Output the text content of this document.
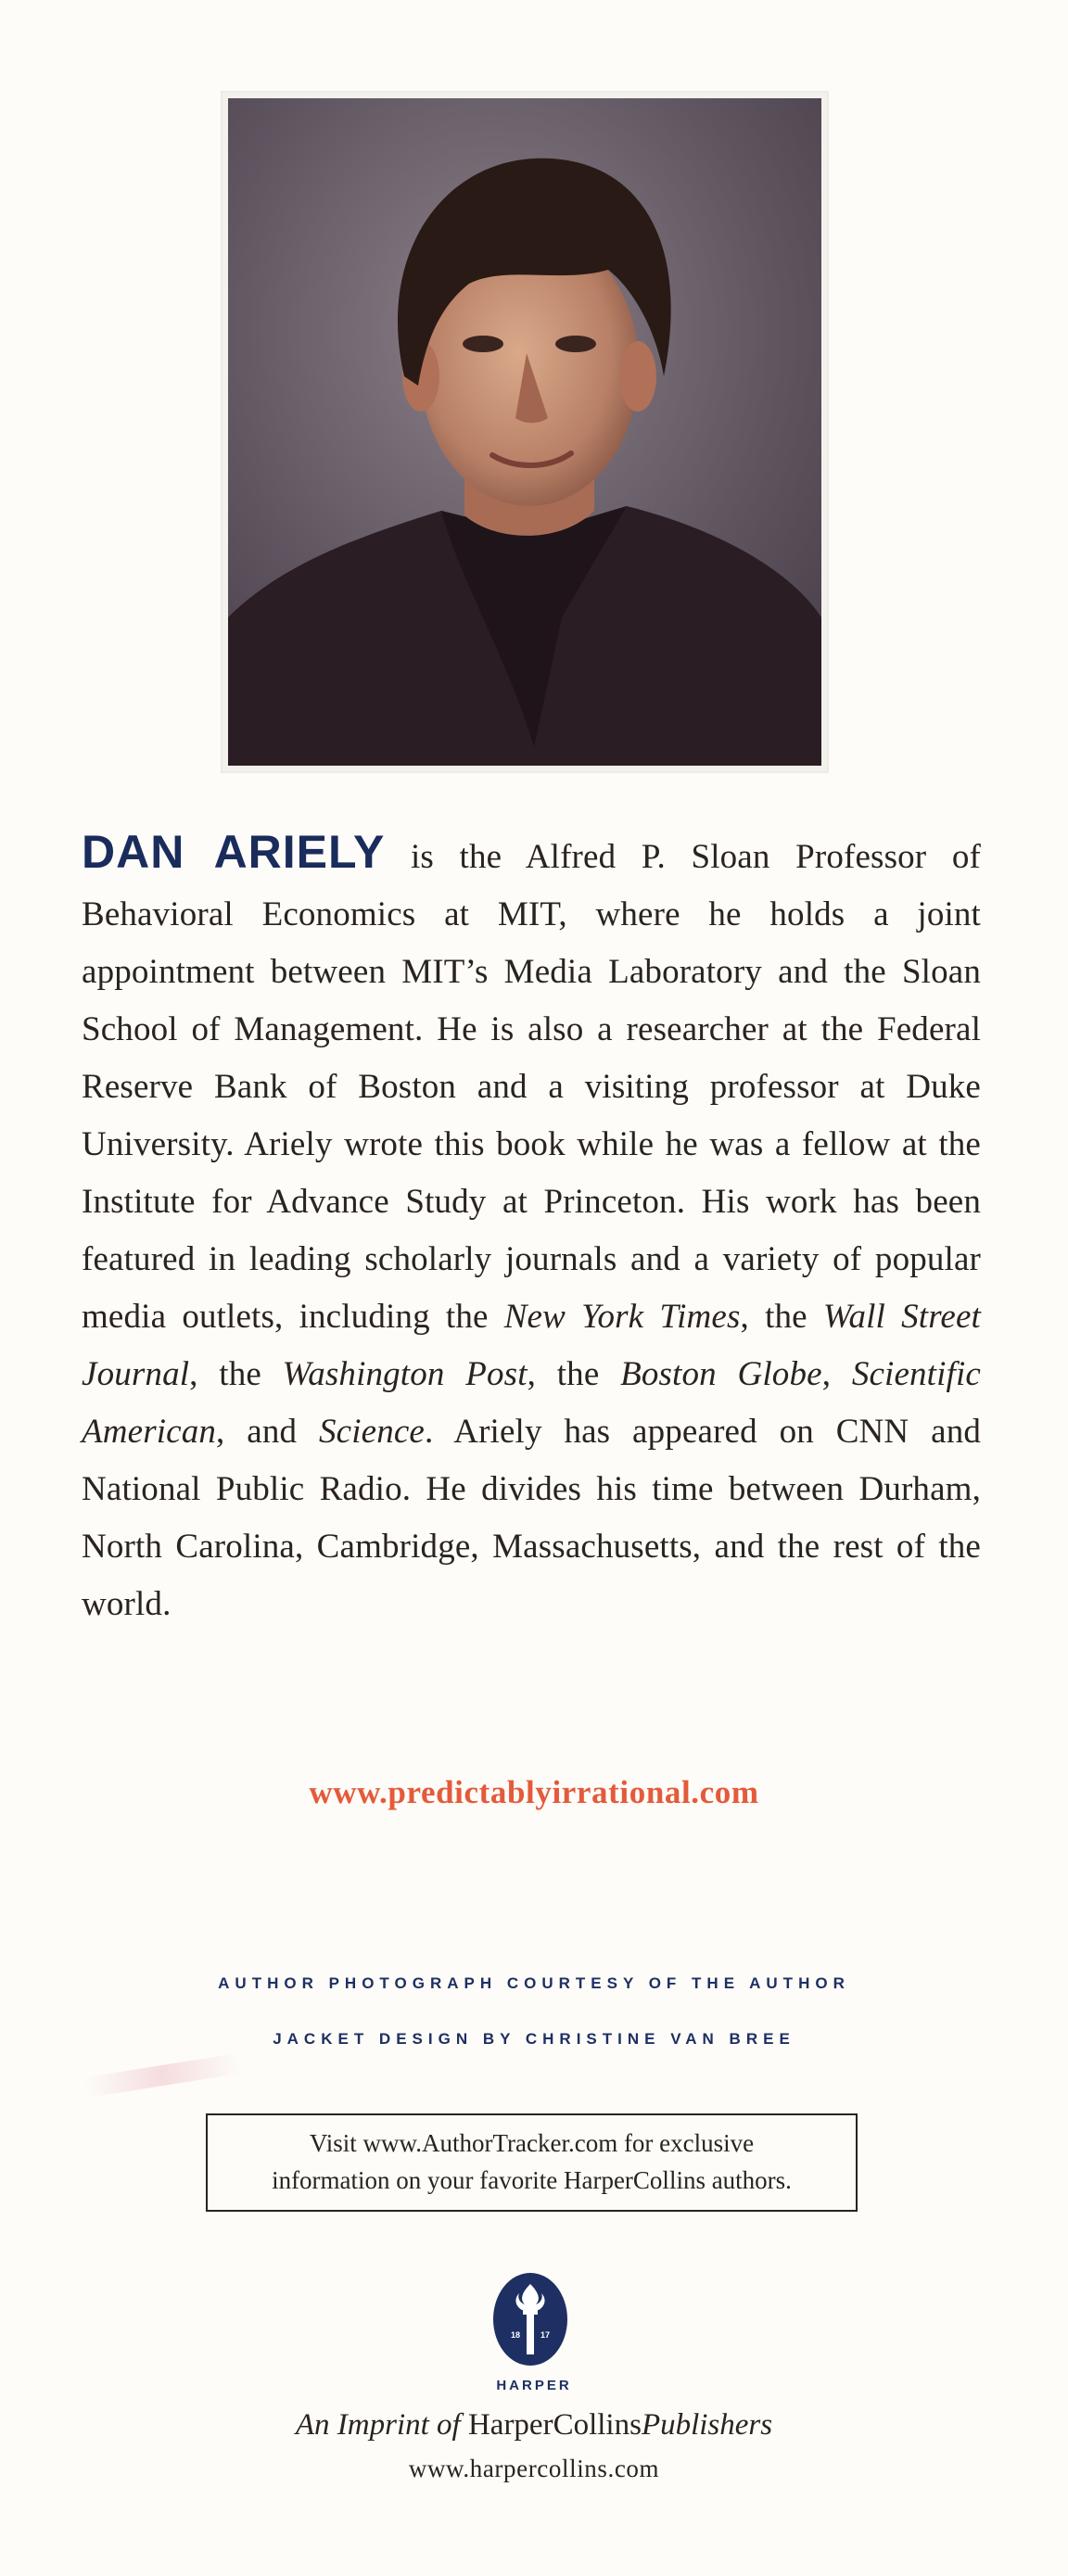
DAN ARIELY is the Alfred P. Sloan Professor of Behavioral Economics at MIT, where he holds a joint appointment between MIT’s Media Laboratory and the Sloan School of Management. He is also a researcher at the Federal Reserve Bank of Boston and a visiting professor at Duke University. Ariely wrote this book while he was a fellow at the Institute for Advance Study at Princeton. His work has been featured in leading scholarly journals and a variety of popular media outlets, including the New York Times, the Wall Street Journal, the Washington Post, the Boston Globe, Scientific American, and Science. Ariely has appeared on CNN and National Public Radio. He divides his time between Durham, North Carolina, Cambridge, Massachusetts, and the rest of the world.
www.predictablyirrational.com
AUTHOR PHOTOGRAPH COURTESY OF THE AUTHOR
JACKET DESIGN BY CHRISTINE VAN BREE
Visit www.AuthorTracker.com for exclusive
information on your favorite HarperCollins authors.
18 17
HARPER
An Imprint of HarperCollinsPublishers
www.harpercollins.com
